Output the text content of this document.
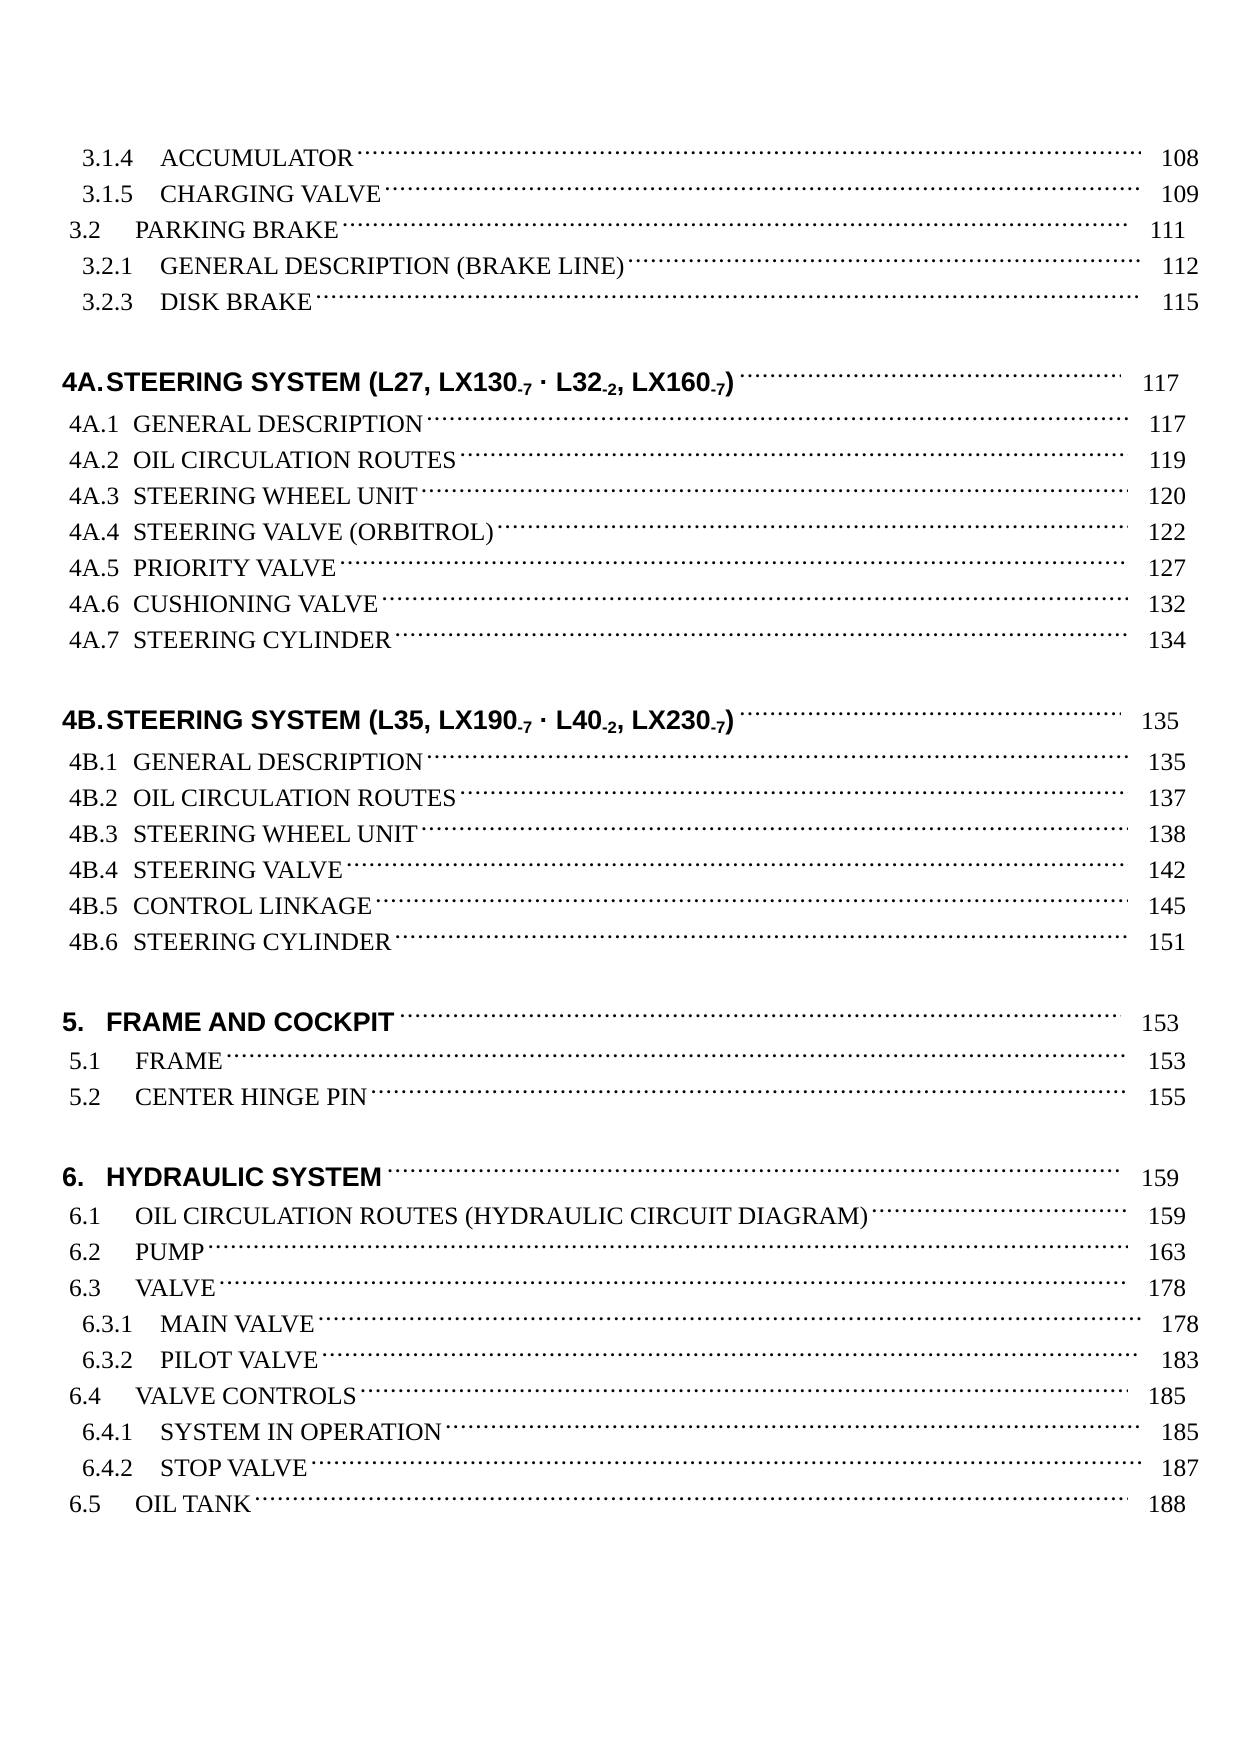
3.1.4	ACCUMULATOR .....	108
3.1.5	CHARGING VALVE .....	109
3.2	PARKING BRAKE .....	111
3.2.1	GENERAL DESCRIPTION (BRAKE LINE) .....	112
3.2.3	DISK BRAKE .....	115
4A. STEERING SYSTEM (L27, $LX130_{-7} \cdot L32_{-2}$, $LX160_{-7}$) .....	117
4A.1 GENERAL DESCRIPTION .....	117
4A.2 OIL CIRCULATION ROUTES .....	119
4A.3 STEERING WHEEL UNIT .....	120
4A.4 STEERING VALVE (ORBITROL) .....	122
4A.5 PRIORITY VALVE .....	127
4A.6 CUSHIONING VALVE .....	132
4A.7 STEERING CYLINDER .....	134
4B. STEERING SYSTEM (L35, $LX190_{-7} \cdot L40_{-2}$, $LX230_{-7}$) .....	135
4B.1 GENERAL DESCRIPTION .....	135
4B.2 OIL CIRCULATION ROUTES .....	137
4B.3 STEERING WHEEL UNIT .....	138
4B.4 STEERING VALVE .....	142
4B.5 CONTROL LINKAGE .....	145
4B.6 STEERING CYLINDER .....	151
5. FRAME AND COCKPIT .....	153
5.1	FRAME .....	153
5.2	CENTER HINGE PIN .....	155
6. HYDRAULIC SYSTEM .....	159
6.1	OIL CIRCULATION ROUTES (HYDRAULIC CIRCUIT DIAGRAM) .....	159
6.2	PUMP .....	163
6.3	VALVE .....	178
6.3.1	MAIN VALVE .....	178
6.3.2	PILOT VALVE .....	183
6.4	VALVE CONTROLS .....	185
6.4.1	SYSTEM IN OPERATION .....	185
6.4.2	STOP VALVE .....	187
6.5	OIL TANK .....	188
